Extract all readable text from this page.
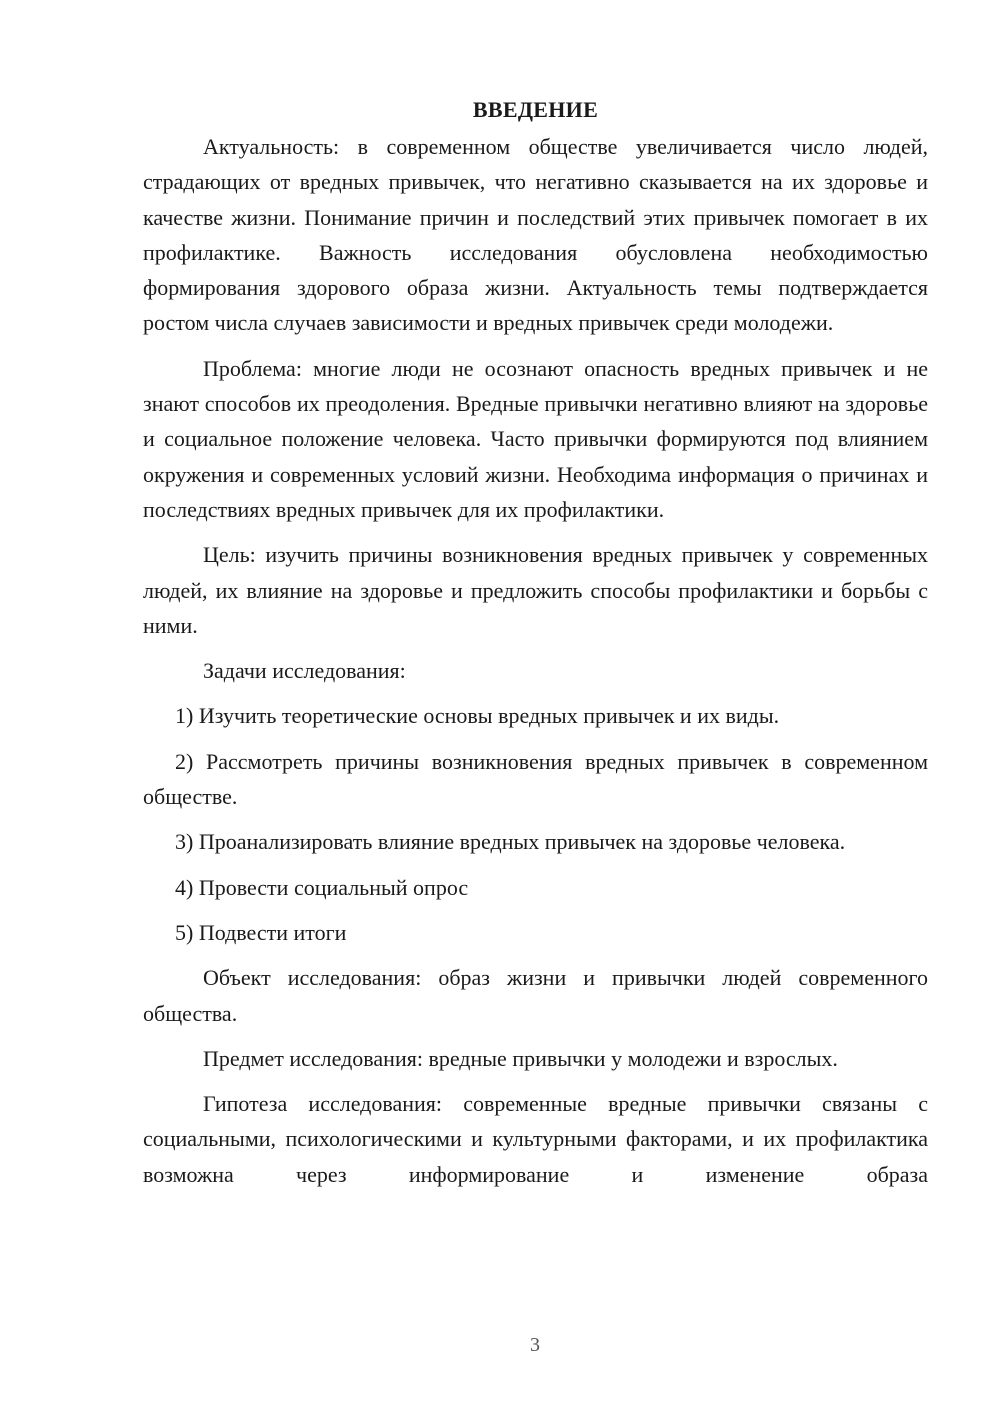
ВВЕДЕНИЕ

Актуальность: в современном обществе увеличивается число людей, страдающих от вредных привычек, что негативно сказывается на их здоровье и качестве жизни. Понимание причин и последствий этих привычек помогает в их профилактике. Важность исследования обусловлена необходимостью формирования здорового образа жизни. Актуальность темы подтверждается ростом числа случаев зависимости и вредных привычек среди молодежи.

Проблема: многие люди не осознают опасность вредных привычек и не знают способов их преодоления. Вредные привычки негативно влияют на здоровье и социальное положение человека. Часто привычки формируются под влиянием окружения и современных условий жизни. Необходима информация о причинах и последствиях вредных привычек для их профилактики.

Цель: изучить причины возникновения вредных привычек у современных людей, их влияние на здоровье и предложить способы профилактики и борьбы с ними.

Задачи исследования:

1) Изучить теоретические основы вредных привычек и их виды.

2) Рассмотреть причины возникновения вредных привычек в современном обществе.

3) Проанализировать влияние вредных привычек на здоровье человека.

4) Провести социальный опрос

5) Подвести итоги

Объект исследования: образ жизни и привычки людей современного общества.

Предмет исследования: вредные привычки у молодежи и взрослых.

Гипотеза исследования: современные вредные привычки связаны с социальными, психологическими и культурными факторами, и их профилактика возможна через информирование и изменение образа

3
